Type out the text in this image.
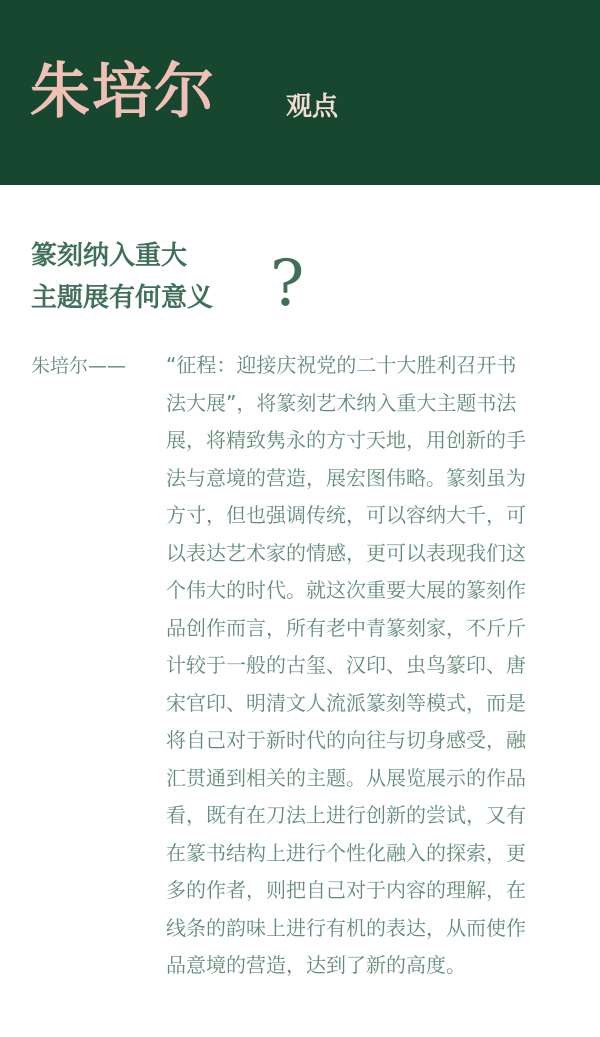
朱培尔	观点
篆刻纳入重大
主题展有何意义 ?
朱培尔—— “征程：迎接庆祝党的二十大胜利召开书
法大展”，将篆刻艺术纳入重大主题书法
展，将精致隽永的方寸天地，用创新的手
法与意境的营造，展宏图伟略。篆刻虽为
方寸，但也强调传统，可以容纳大千，可
以表达艺术家的情感，更可以表现我们这
个伟大的时代。就这次重要大展的篆刻作
品创作而言，所有老中青篆刻家，不斤斤
计较于一般的古玺、汉印、虫鸟篆印、唐
宋官印、明清文人流派篆刻等模式，而是
将自己对于新时代的向往与切身感受，融
汇贯通到相关的主题。从展览展示的作品
看，既有在刀法上进行创新的尝试，又有
在篆书结构上进行个性化融入的探索，更
多的作者，则把自己对于内容的理解，在
线条的韵味上进行有机的表达，从而使作
品意境的营造，达到了新的高度。
